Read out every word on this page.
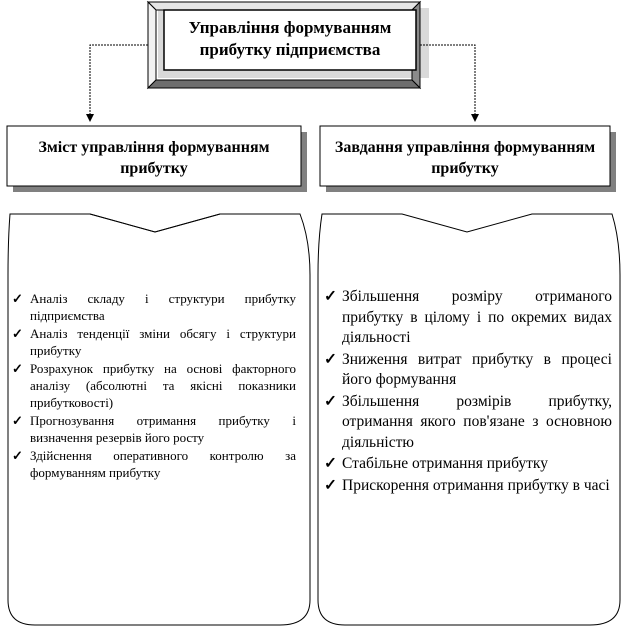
Управління формуванням прибутку підприємства
Зміст управління формуванням прибутку
Завдання управління формуванням прибутку
✓ Аналіз складу і структури прибутку підприємства
✓ Аналіз тенденції зміни обсягу і структури прибутку
✓ Розрахунок прибутку на основі факторного аналізу (абсолютні та якісні показники прибутковості)
✓ Прогнозування отримання прибутку і визначення резервів його росту
✓ Здійснення оперативного контролю за формуванням прибутку
✓ Збільшення розміру отриманого прибутку в цілому і по окремих видах діяльності
✓ Зниження витрат прибутку в процесі його формування
✓ Збільшення розмірів прибутку, отримання якого пов'язане з основною діяльністю
✓ Стабільне отримання прибутку
✓ Прискорення отримання прибутку в часі
